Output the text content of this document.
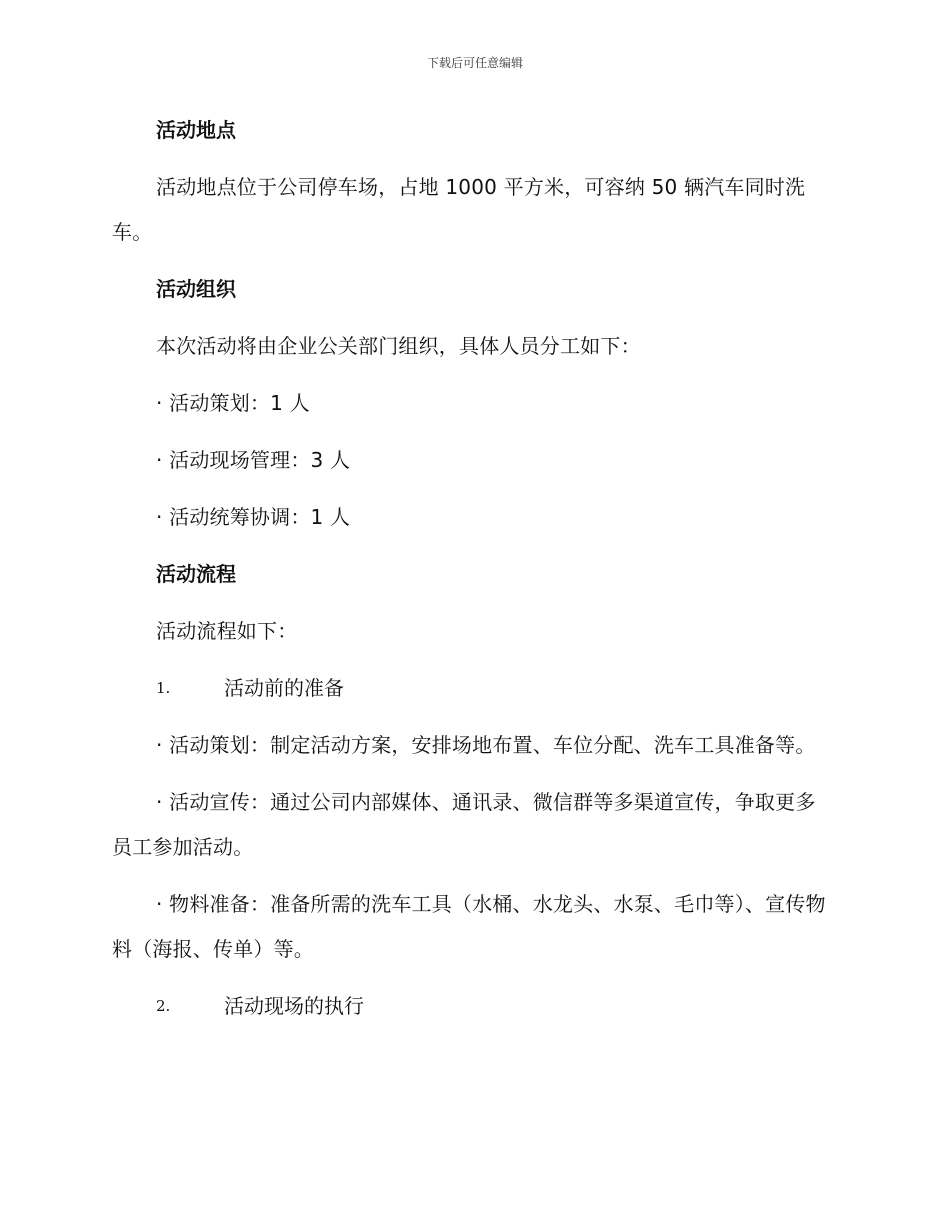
下载后可任意编辑
活动地点
活动地点位于公司停车场，占地 1000 平方米，可容纳 50 辆汽车同时洗车。
活动组织
本次活动将由企业公关部门组织，具体人员分工如下：
· 活动策划：1 人
· 活动现场管理：3 人
· 活动统筹协调：1 人
活动流程
活动流程如下：
1.	活动前的准备
· 活动策划：制定活动方案，安排场地布置、车位分配、洗车工具准备等。
· 活动宣传：通过公司内部媒体、通讯录、微信群等多渠道宣传，争取更多员工参加活动。
· 物料准备：准备所需的洗车工具（水桶、水龙头、水泵、毛巾等）、宣传物料（海报、传单）等。
2.	活动现场的执行
